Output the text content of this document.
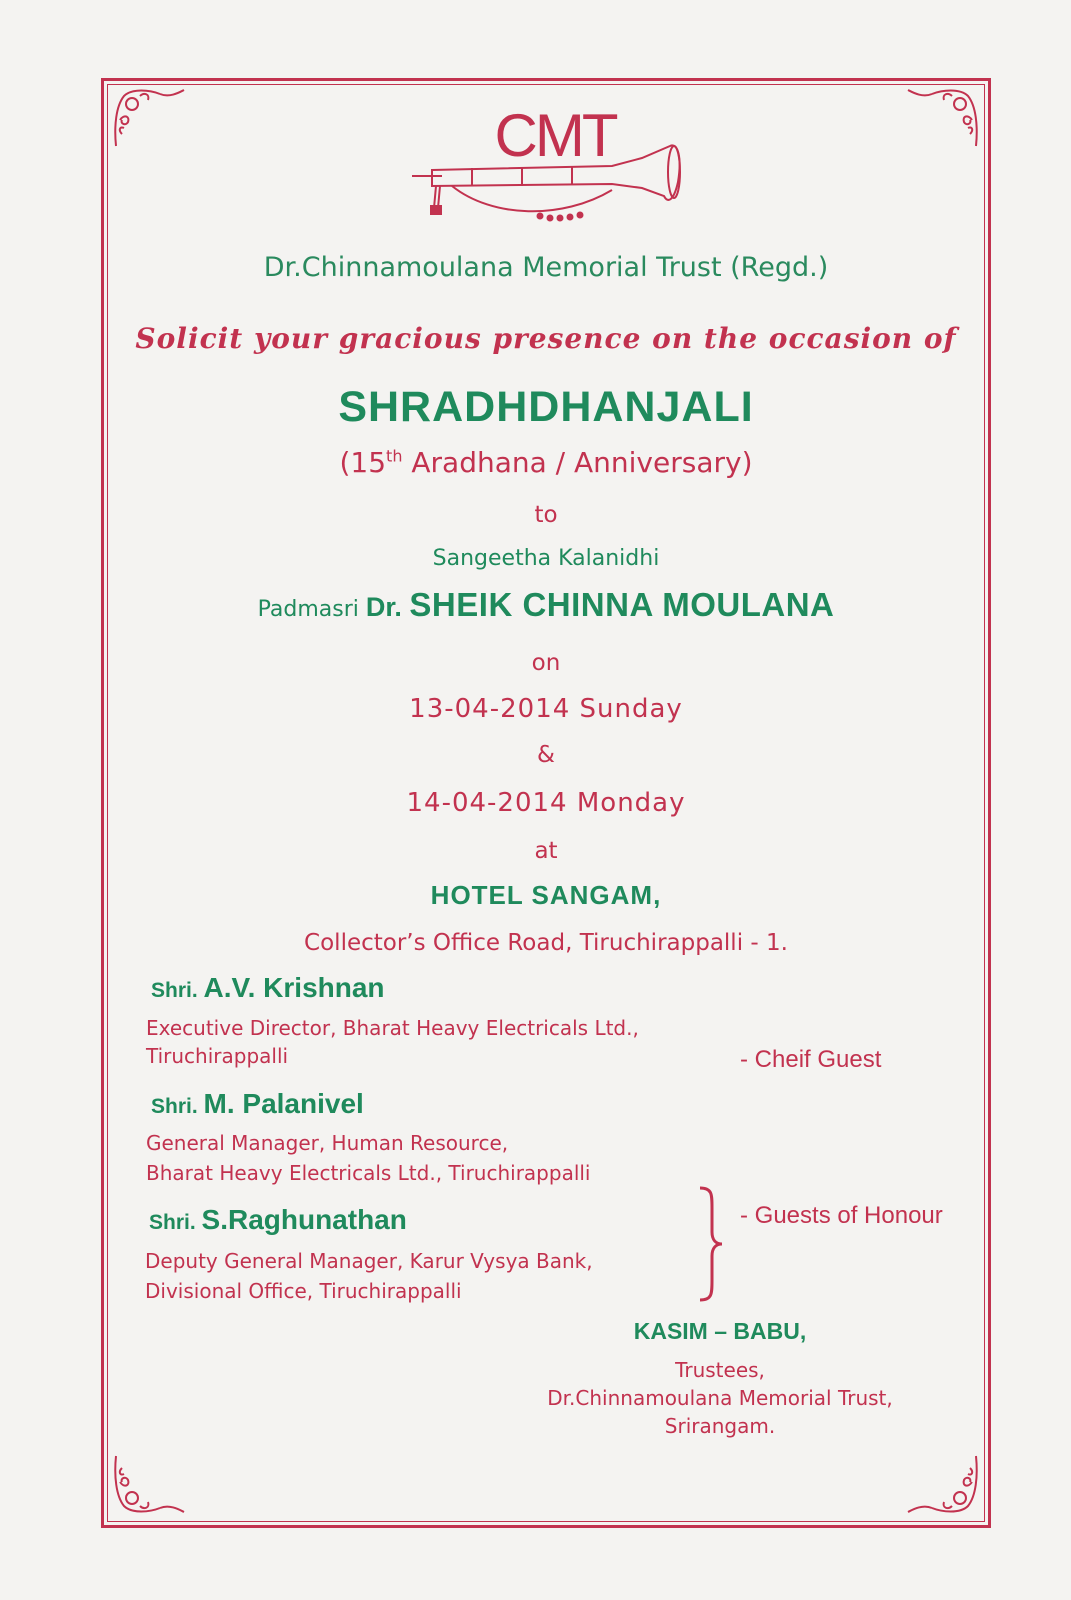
CMT
Dr.Chinnamoulana Memorial Trust (Regd.)
Solicit your gracious presence on the occasion of
SHRADHDHANJALI
(15th Aradhana / Anniversary)
to
Sangeetha Kalanidhi
Padmasri Dr. SHEIK CHINNA MOULANA
on
13-04-2014 Sunday
&
14-04-2014 Monday
at
HOTEL SANGAM,
Collector’s Office Road, Tiruchirappalli - 1.
Shri. A.V. Krishnan
Executive Director, Bharat Heavy Electricals Ltd.,
Tiruchirappalli	- Cheif Guest
Shri. M. Palanivel
General Manager, Human Resource,
Bharat Heavy Electricals Ltd., Tiruchirappalli
Shri. S.Raghunathan
Deputy General Manager, Karur Vysya Bank,
Divisional Office, Tiruchirappalli
- Guests of Honour
KASIM – BABU,
Trustees,
Dr.Chinnamoulana Memorial Trust,
Srirangam.
